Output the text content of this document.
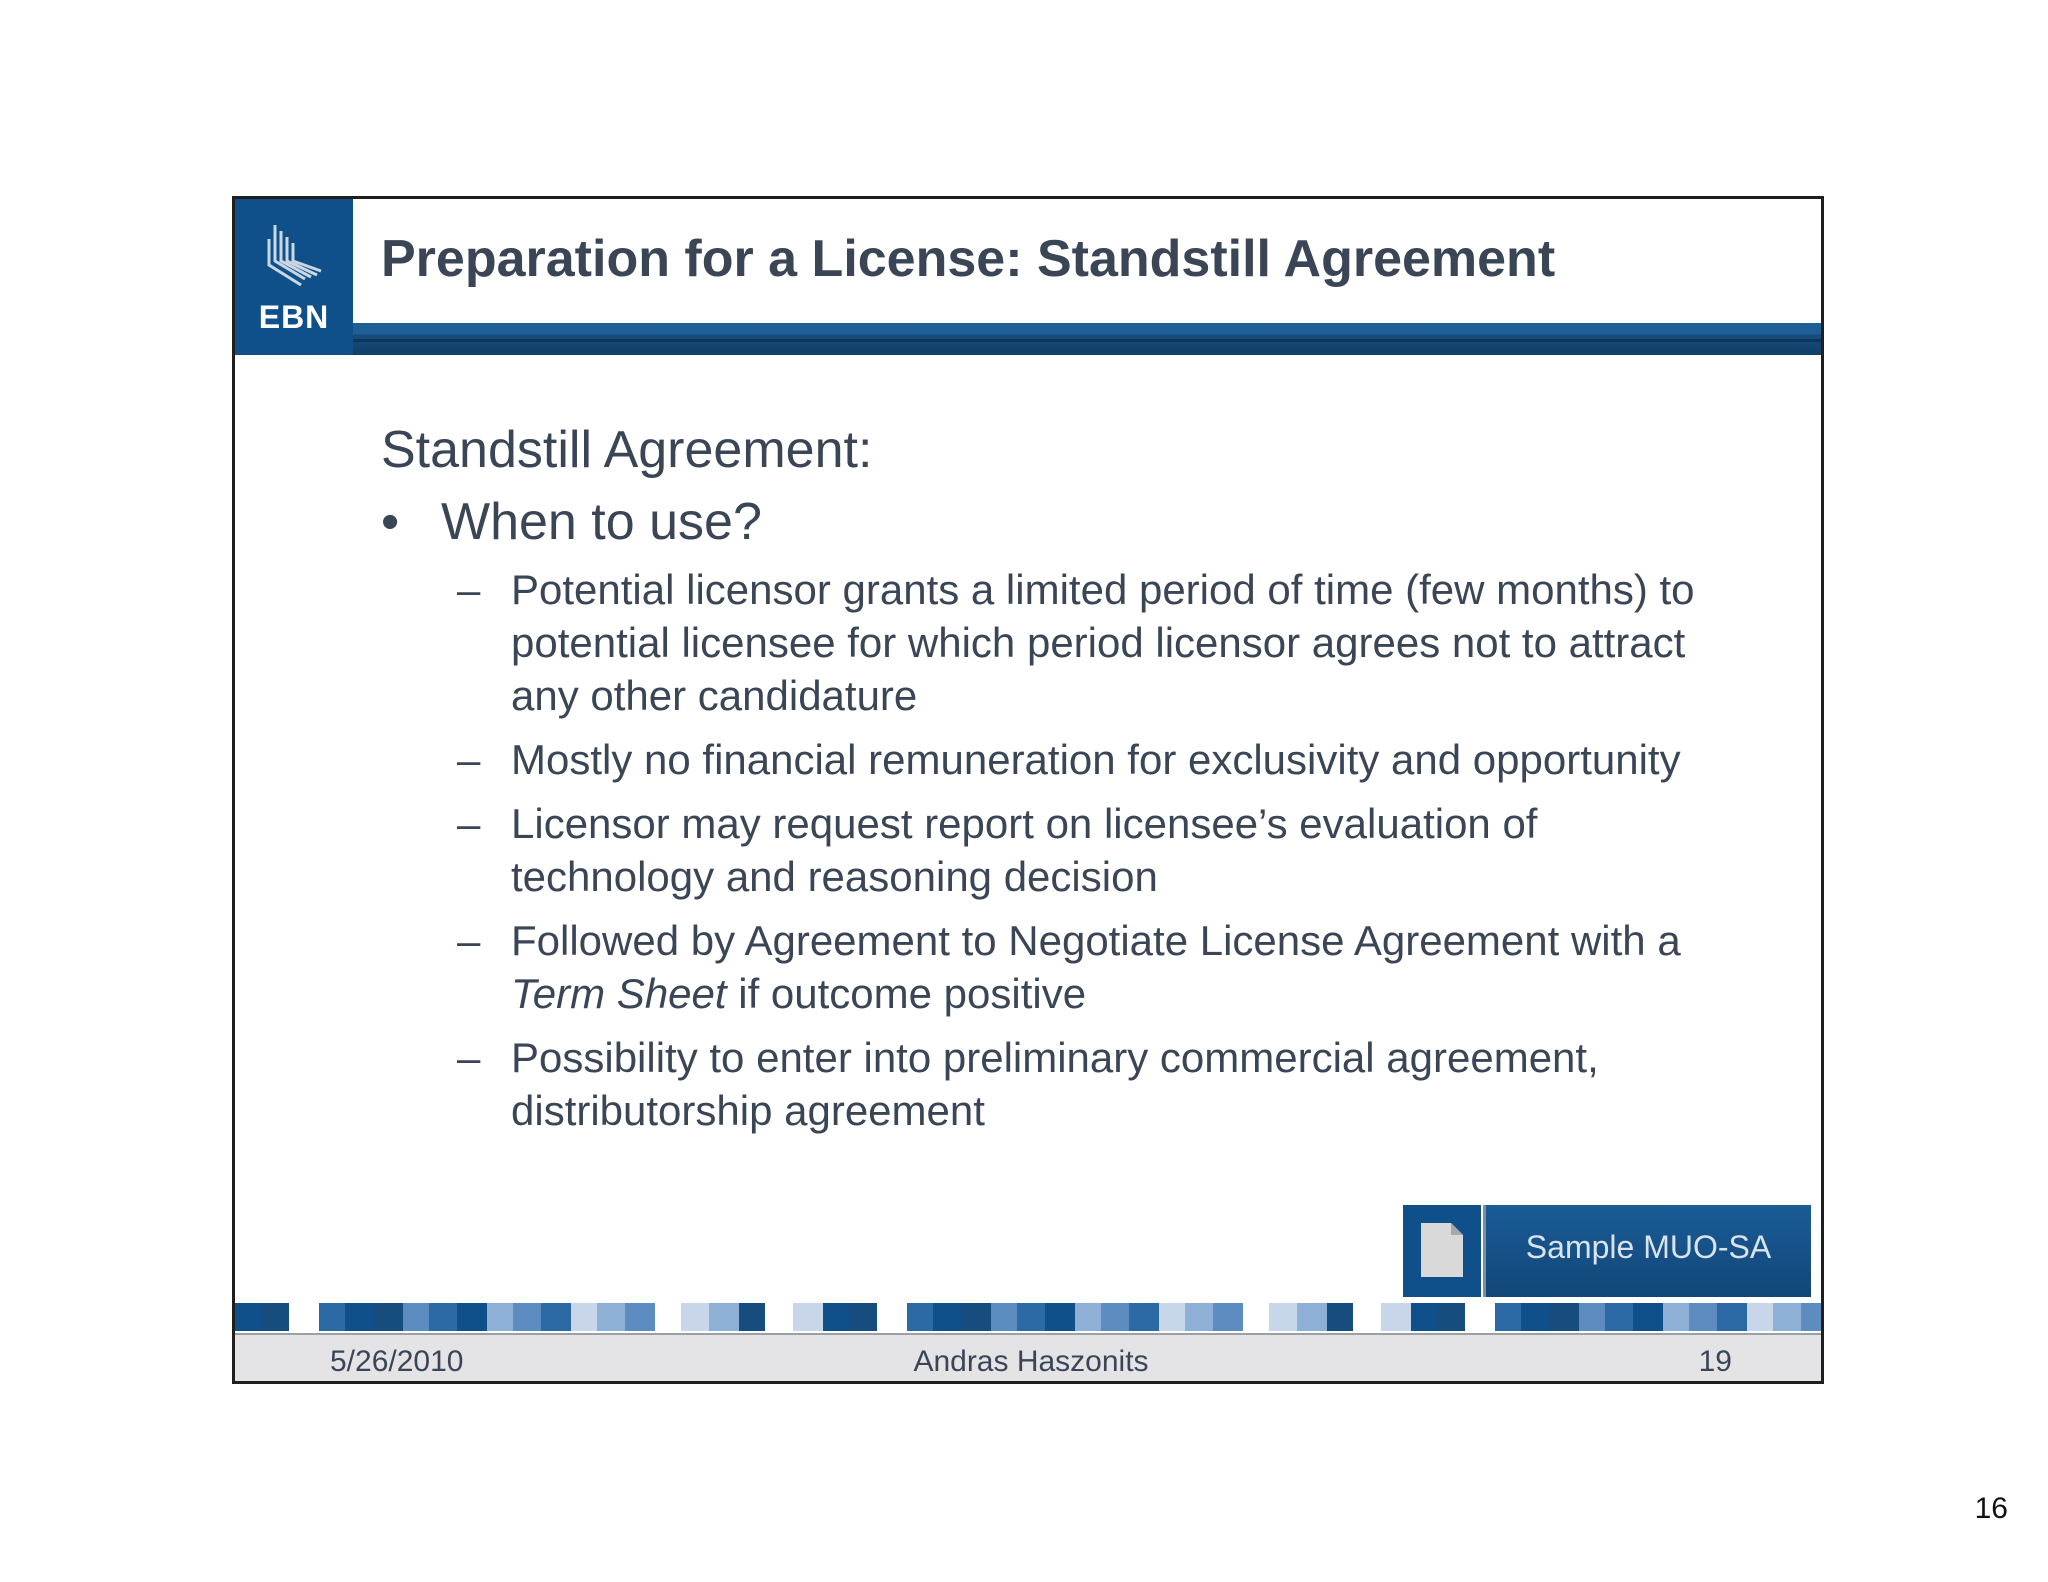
EBN
Preparation for a License: Standstill Agreement
Standstill Agreement:
• When to use?
– Potential licensor grants a limited period of time (few months) to potential licensee for which period licensor agrees not to attract any other candidature
– Mostly no financial remuneration for exclusivity and opportunity
– Licensor may request report on licensee’s evaluation of technology and reasoning decision
– Followed by Agreement to Negotiate License Agreement with a Term Sheet if outcome positive
– Possibility to enter into preliminary commercial agreement, distributorship agreement
Sample MUO-SA
5/26/2010	Andras Haszonits	19
16
